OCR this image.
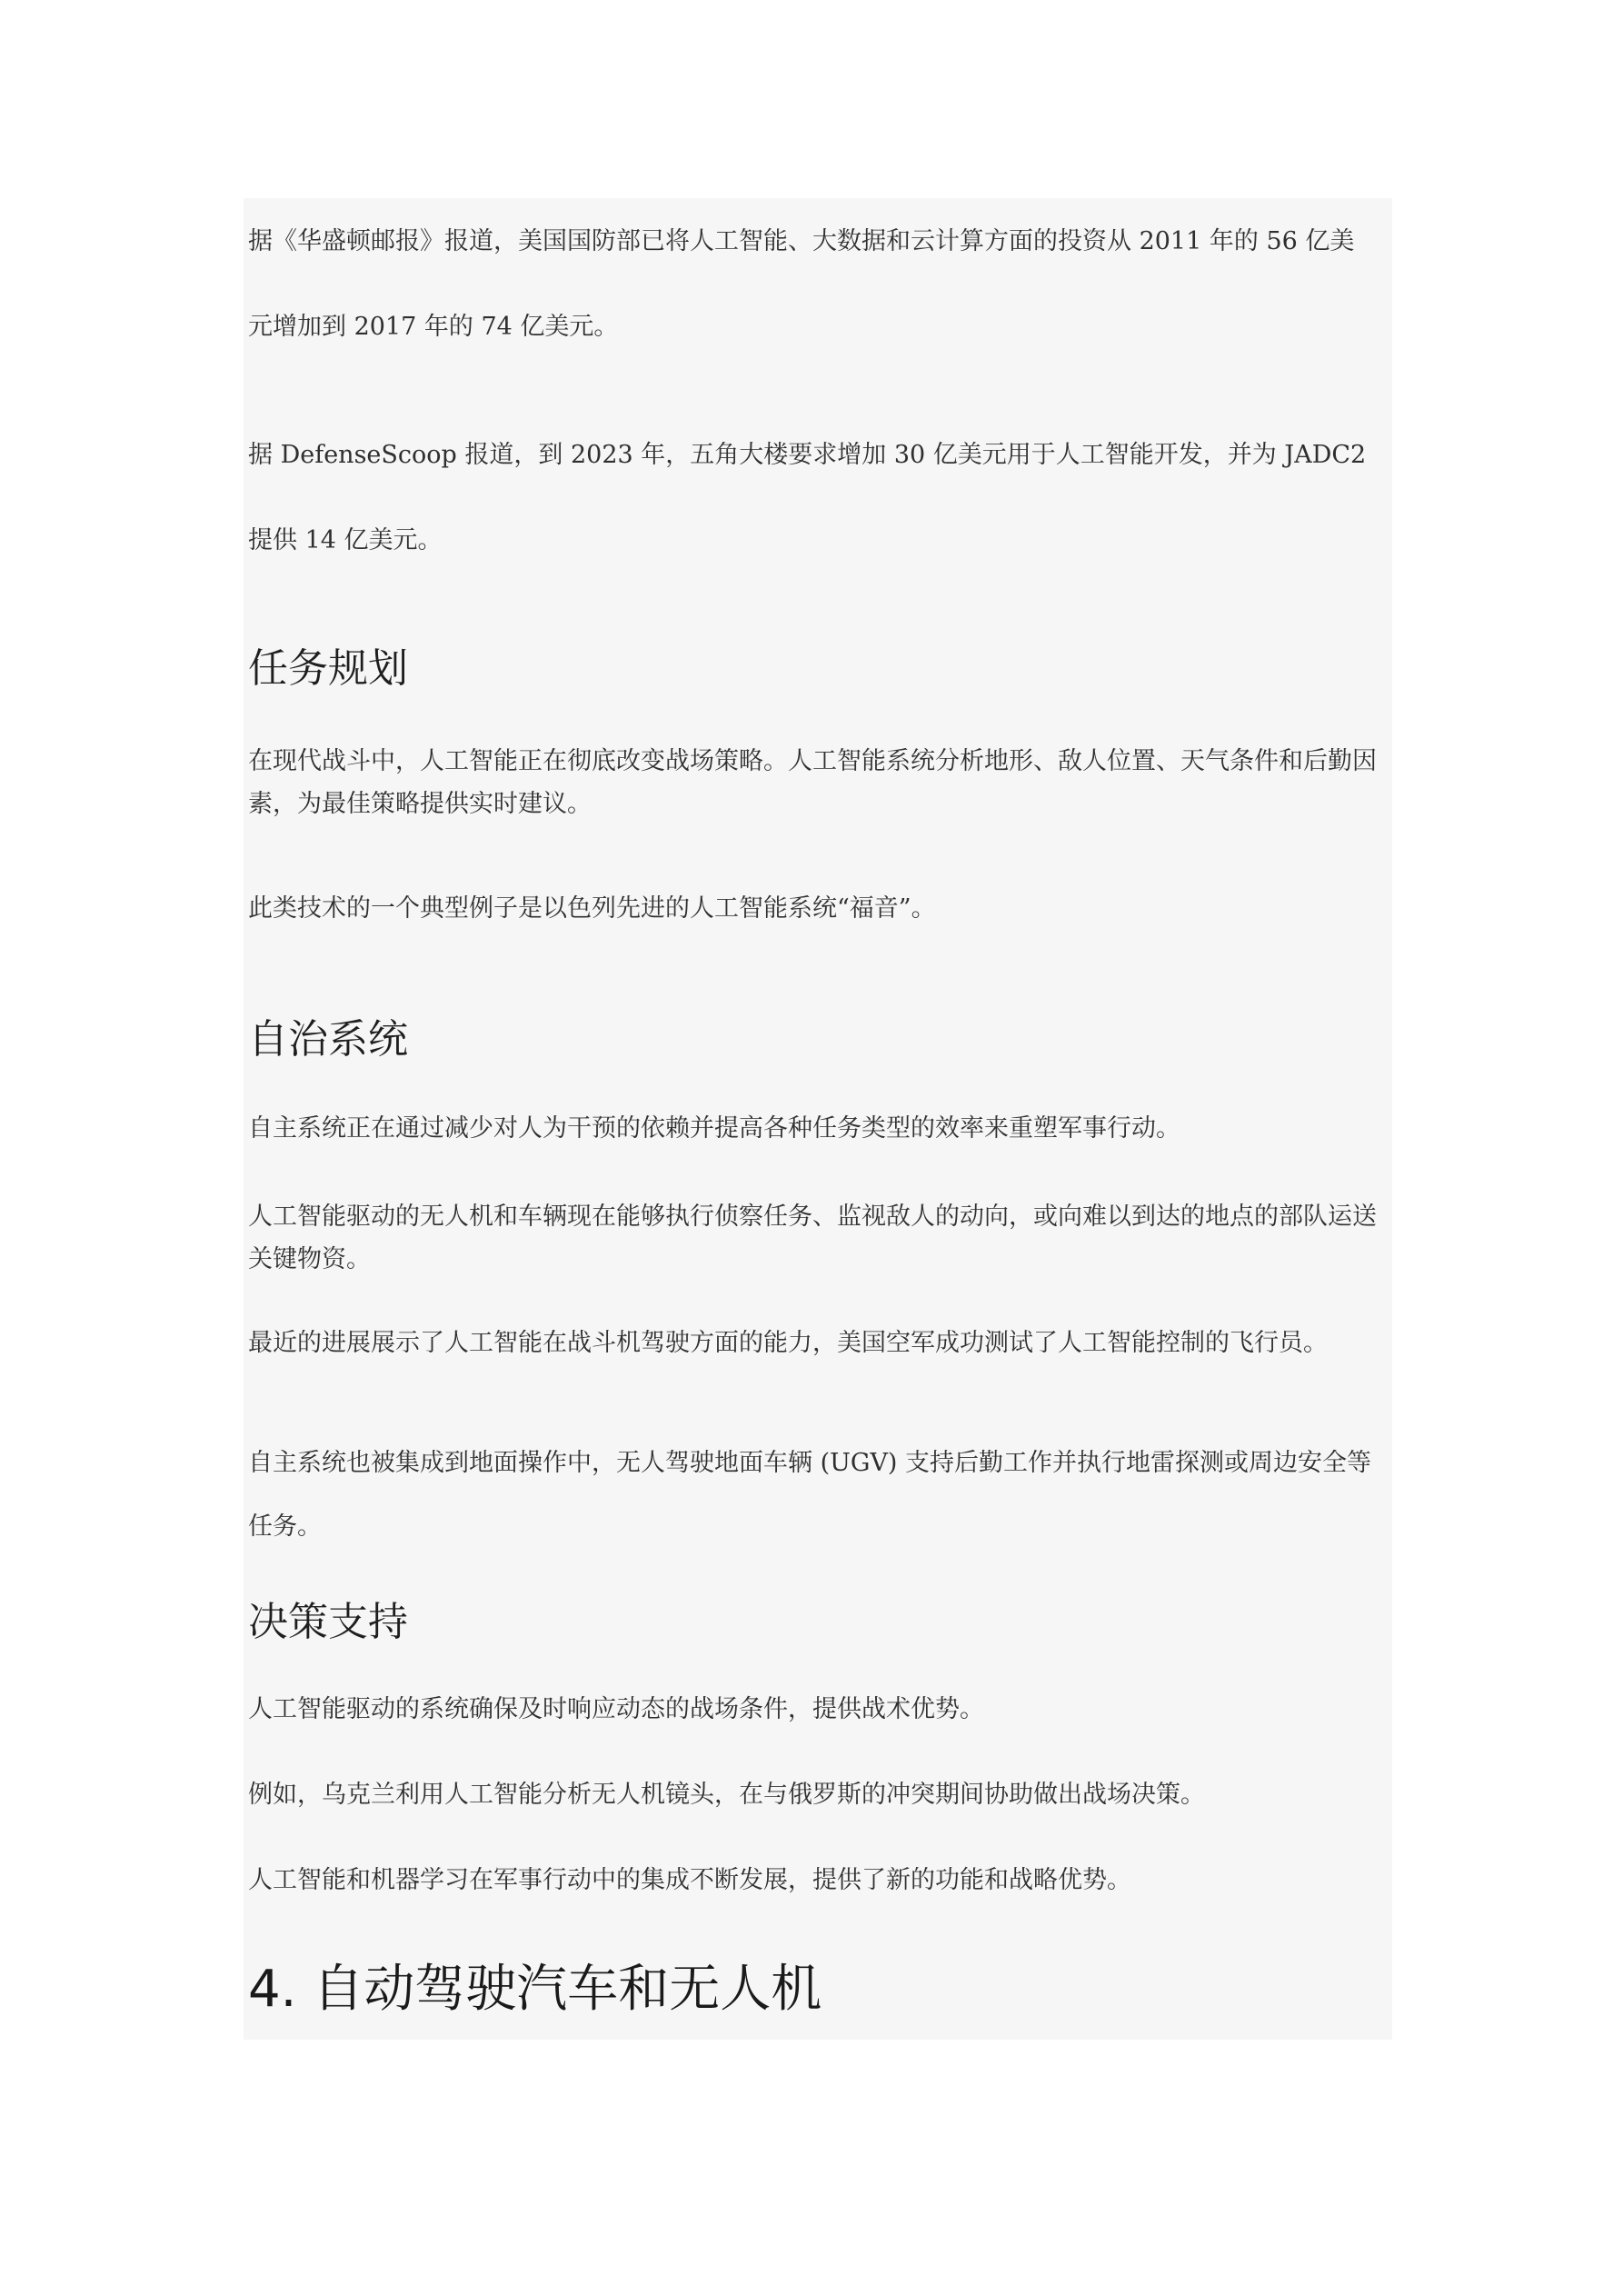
据《华盛顿邮报》报道，美国国防部已将人工智能、大数据和云计算方面的投资从 2011 年的 56 亿美
元增加到 2017 年的 74 亿美元。

据 DefenseScoop 报道，到 2023 年，五角大楼要求增加 30 亿美元用于人工智能开发，并为 JADC2
提供 14 亿美元。

任务规划

在现代战斗中，人工智能正在彻底改变战场策略。人工智能系统分析地形、敌人位置、天气条件和后勤因
素，为最佳策略提供实时建议。

此类技术的一个典型例子是以色列先进的人工智能系统“福音”。

自治系统

自主系统正在通过减少对人为干预的依赖并提高各种任务类型的效率来重塑军事行动。

人工智能驱动的无人机和车辆现在能够执行侦察任务、监视敌人的动向，或向难以到达的地点的部队运送
关键物资。

最近的进展展示了人工智能在战斗机驾驶方面的能力，美国空军成功测试了人工智能控制的飞行员。

自主系统也被集成到地面操作中，无人驾驶地面车辆 (UGV) 支持后勤工作并执行地雷探测或周边安全等
任务。

决策支持

人工智能驱动的系统确保及时响应动态的战场条件，提供战术优势。

例如，乌克兰利用人工智能分析无人机镜头，在与俄罗斯的冲突期间协助做出战场决策。

人工智能和机器学习在军事行动中的集成不断发展，提供了新的功能和战略优势。

4. 自动驾驶汽车和无人机
